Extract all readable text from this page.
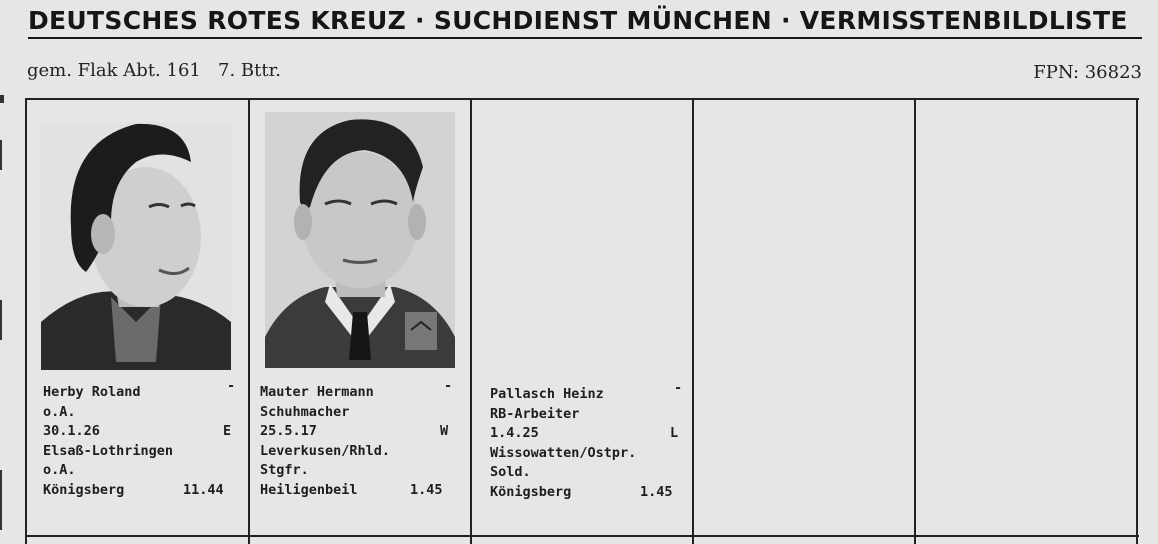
DEUTSCHES ROTES KREUZ · SUCHDIENST MÜNCHEN · VERMISSTENBILDLISTE
gem. Flak Abt. 161 7. Bttr.	FPN: 36823
Herby Roland	-
o.A.
30.1.26	E
Elsaß-Lothringen
o.A.
Königsberg	11.44
Mauter Hermann	-
Schuhmacher
25.5.17	W
Leverkusen/Rhld.
Stgfr.
Heiligenbeil	1.45
Pallasch Heinz	-
RB-Arbeiter
1.4.25	L
Wissowatten/Ostpr.
Sold.
Königsberg	1.45
